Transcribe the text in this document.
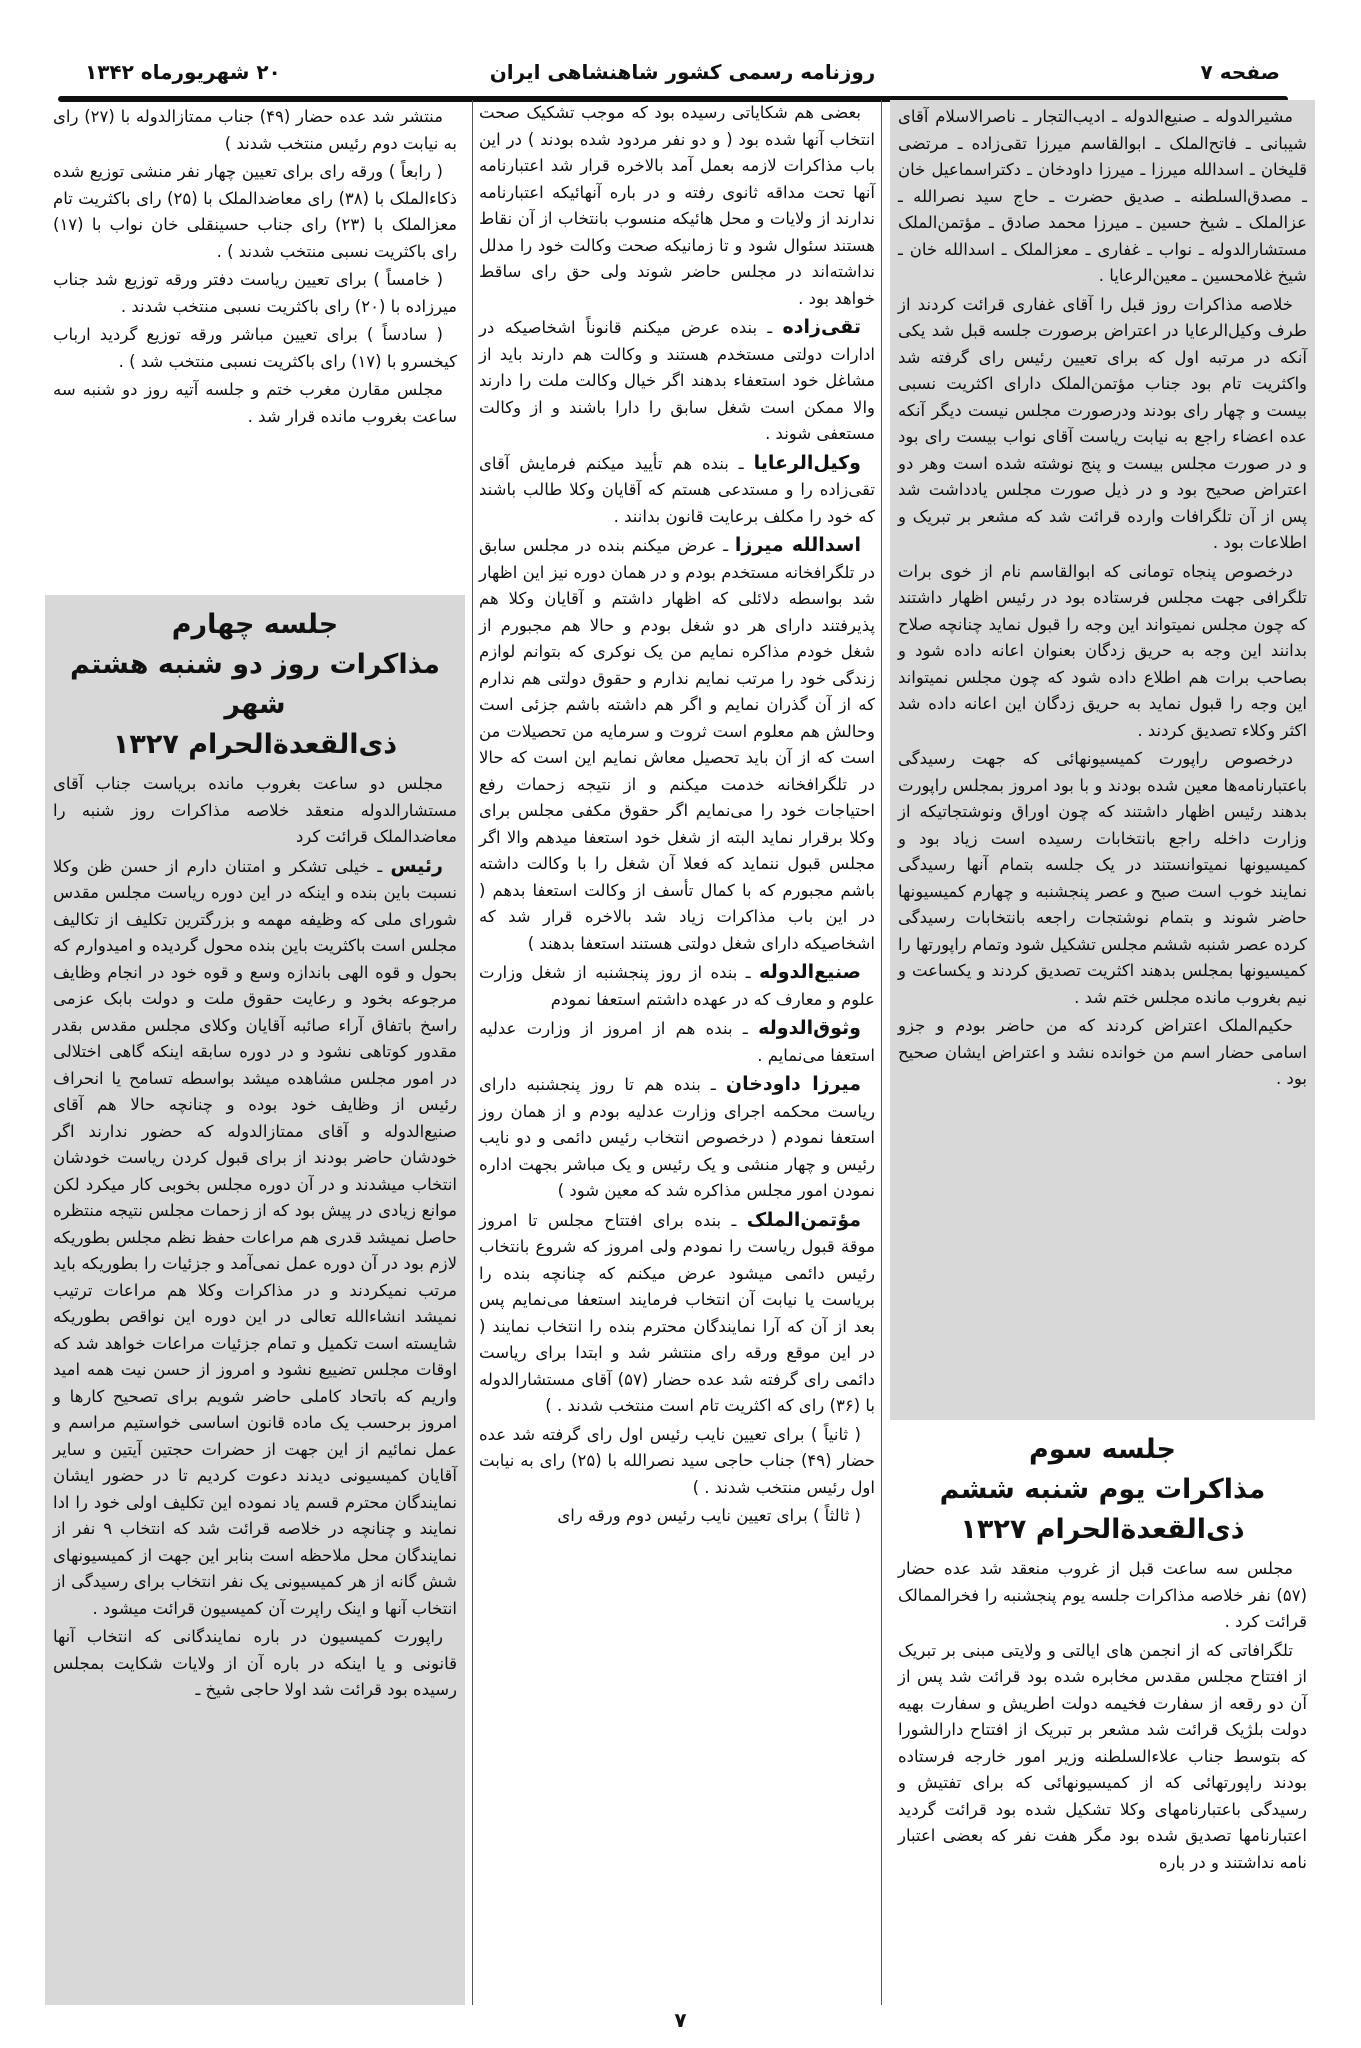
صفحه ۷
روزنامه رسمی کشور شاهنشاهی ایران
۲۰ شهریورماه ۱۳۴۲

مشیرالدوله ـ صنیع‌الدوله ـ ادیب‌التجار ـ ناصرالاسلام آقای شیبانی ـ فاتح‌الملک ـ ابوالقاسم میرزا تقی‌زاده ـ مرتضی قلیخان ـ اسدالله میرزا ـ میرزا داودخان ـ دکتراسماعیل خان ـ مصدق‌السلطنه ـ صدیق حضرت ـ حاج سید نصرالله ـ عزالملک ـ شیخ حسین ـ میرزا محمد صادق ـ مؤتمن‌الملک مستشارالدوله ـ نواب ـ غفاری ـ معزالملک ـ اسدالله خان ـ شیخ غلامحسین ـ معین‌الرعایا .

خلاصه مذاکرات روز قبل را آقای غفاری قرائت کردند از طرف وکیل‌الرعایا در اعتراض برصورت جلسه قبل شد یکی آنکه در مرتبه اول که برای تعیین رئیس رای گرفته شد واکثریت تام بود جناب مؤتمن‌الملک دارای اکثریت نسبی بیست و چهار رای بودند ودرصورت مجلس نیست دیگر آنکه عده اعضاء راجع به نیابت ریاست آقای نواب بیست رای بود و در صورت مجلس بیست و پنج نوشته شده است وهر دو اعتراض صحیح بود و در ذیل صورت مجلس یادداشت شد پس از آن تلگرافات وارده قرائت شد که مشعر بر تبریک و اطلاعات بود .

درخصوص پنجاه تومانی که ابوالقاسم نام از خوی برات تلگرافی جهت مجلس فرستاده بود در رئیس اظهار داشتند که چون مجلس نمیتواند این وجه را قبول نماید چنانچه صلاح بدانند این وجه به حریق زدگان بعنوان اعانه داده شود و بصاحب برات هم اطلاع داده شود که چون مجلس نمیتواند این وجه را قبول نماید به حریق زدگان این اعانه داده شد اکثر وکلاء تصدیق کردند .

درخصوص راپورت کمیسیونهائی که جهت رسیدگی باعتبارنامه‌ها معین شده بودند و با بود امروز بمجلس راپورت بدهند رئیس اظهار داشتند که چون اوراق ونوشتجاتیکه از وزارت داخله راجع بانتخابات رسیده است زیاد بود و کمیسیونها نمیتوانستند در یک جلسه بتمام آنها رسیدگی نمایند خوب است صبح و عصر پنجشنبه و چهارم کمیسیونها حاضر شوند و بتمام نوشتجات راجعه بانتخابات رسیدگی کرده عصر شنبه ششم مجلس تشکیل شود وتمام راپورتها را کمیسیونها بمجلس بدهند اکثریت تصدیق کردند و یکساعت و نیم بغروب مانده مجلس ختم شد .

حکیم‌الملک اعتراض کردند که من حاضر بودم و جزو اسامی حضار اسم من خوانده نشد و اعتراض ایشان صحیح بود .

جلسه سوم
مذاکرات یوم شنبه ششم
ذی‌القعدة‌الحرام ۱۳۲۷

مجلس سه ساعت قبل از غروب منعقد شد عده حضار (۵۷) نفر خلاصه مذاکرات جلسه یوم پنجشنبه را فخرالممالک قرائت کرد .

تلگرافاتی که از انجمن های ایالتی و ولایتی مبنی بر تبریک از افتتاح مجلس مقدس مخابره شده بود قرائت شد پس از آن دو رقعه از سفارت فخیمه دولت اطریش و سفارت بهیه دولت بلژیک قرائت شد مشعر بر تبریک از افتتاح دارالشورا که بتوسط جناب علاءالسلطنه وزیر امور خارجه فرستاده بودند راپورتهائی که از کمیسیونهائی که برای تفتیش و رسیدگی باعتبارنامهای وکلا تشکیل شده بود قرائت گردید اعتبارنامها تصدیق شده بود مگر هفت نفر که بعضی اعتبار نامه نداشتند و در باره

بعضی هم شکایاتی رسیده بود که موجب تشکیک صحت انتخاب آنها شده بود ( و دو نفر مردود شده بودند ) در این باب مذاکرات لازمه بعمل آمد بالاخره قرار شد اعتبارنامه آنها تحت مداقه ثانوی رفته و در باره آنهائیکه اعتبارنامه ندارند از ولایات و محل هائیکه منسوب بانتخاب از آن نقاط هستند سئوال شود و تا زمانیکه صحت وکالت خود را مدلل نداشته‌اند در مجلس حاضر شوند ولی حق رای ساقط خواهد بود .

تقی‌زاده ـ بنده عرض میکنم قانوناً اشخاصیکه در ادارات دولتی مستخدم هستند و وکالت هم دارند باید از مشاغل خود استعفاء بدهند اگر خیال وکالت ملت را دارند والا ممکن است شغل سابق را دارا باشند و از وکالت مستعفی شوند .

وکیل‌الرعایا ـ بنده هم تأیید میکنم فرمایش آقای تقی‌زاده را و مستدعی هستم که آقایان وکلا طالب باشند که خود را مکلف برعایت قانون بدانند .

اسدالله میرزا ـ عرض میکنم بنده در مجلس سابق در تلگرافخانه مستخدم بودم و در همان دوره نیز این اظهار شد بواسطه دلائلی که اظهار داشتم و آقایان وکلا هم پذیرفتند دارای هر دو شغل بودم و حالا هم مجبورم از شغل خودم مذاکره نمایم من یک نوکری که بتوانم لوازم زندگی خود را مرتب نمایم ندارم و حقوق دولتی هم ندارم که از آن گذران نمایم و اگر هم داشته باشم جزئی است وحالش هم معلوم است ثروت و سرمایه من تحصیلات من است که از آن باید تحصیل معاش نمایم این است که حالا در تلگرافخانه خدمت میکنم و از نتیجه زحمات رفع احتیاجات خود را می‌نمایم اگر حقوق مکفی مجلس برای وکلا برقرار نماید البته از شغل خود استعفا میدهم والا اگر مجلس قبول ننماید که فعلا آن شغل را با وکالت داشته باشم مجبورم که با کمال تأسف از وکالت استعفا بدهم ( در این باب مذاکرات زیاد شد بالاخره قرار شد که اشخاصیکه دارای شغل دولتی هستند استعفا بدهند )

صنیع‌الدوله ـ بنده از روز پنجشنبه از شغل وزارت علوم و معارف که در عهده داشتم استعفا نمودم

وثوق‌الدوله ـ بنده هم از امروز از وزارت عدلیه استعفا می‌نمایم .

میرزا داودخان ـ بنده هم تا روز پنجشنبه دارای ریاست محکمه اجرای وزارت عدلیه بودم و از همان روز استعفا نمودم ( درخصوص انتخاب رئیس دائمی و دو نایب رئیس و چهار منشی و یک رئیس و یک مباشر بجهت اداره نمودن امور مجلس مذاکره شد که معین شود )

مؤتمن‌الملک ـ بنده برای افتتاح مجلس تا امروز موقة قبول ریاست را نمودم ولی امروز که شروع بانتخاب رئیس دائمی میشود عرض میکنم که چنانچه بنده را بریاست یا نیابت آن انتخاب فرمایند استعفا می‌نمایم پس بعد از آن که آرا نمایندگان محترم بنده را انتخاب نمایند ( در این موقع ورقه رای منتشر شد و ابتدا برای ریاست دائمی رای گرفته شد عده حضار (۵۷) آقای مستشارالدوله با (۳۶) رای که اکثریت تام است منتخب شدند . )

( ثانیاً ) برای تعیین نایب رئیس اول رای گرفته شد عده حضار (۴۹) جناب حاجی سید نصرالله با (۲۵) رای به نیابت اول رئیس منتخب شدند . )

( ثالثاً ) برای تعیین نایب رئیس دوم ورقه رای

منتشر شد عده حضار (۴۹) جناب ممتازالدوله با (۲۷) رای به نیابت دوم رئیس منتخب شدند )

( رابعاً ) ورقه رای برای تعیین چهار نفر منشی توزیع شده ذکاءالملک با (۳۸) رای معاضدالملک با (۲۵) رای باکثریت تام معزالملک با (۲۳) رای جناب حسینقلی خان نواب با (۱۷) رای باکثریت نسبی منتخب شدند ) .

( خامساً ) برای تعیین ریاست دفتر ورقه توزیع شد جناب میرزاده با (۲۰) رای باکثریت نسبی منتخب شدند .

( سادساً ) برای تعیین مباشر ورقه توزیع گردید ارباب کیخسرو با (۱۷) رای باکثریت نسبی منتخب شد ) .

مجلس مقارن مغرب ختم و جلسه آتیه روز دو شنبه سه ساعت بغروب مانده قرار شد .

جلسه چهارم
مذاکرات روز دو شنبه هشتم شهر
ذی‌القعدة‌الحرام ۱۳۲۷

مجلس دو ساعت بغروب مانده بریاست جناب آقای مستشارالدوله منعقد خلاصه مذاکرات روز شنبه را معاضدالملک قرائت کرد

رئیس ـ خیلی تشکر و امتنان دارم از حسن ظن وکلا نسبت باین بنده و اینکه در این دوره ریاست مجلس مقدس شورای ملی که وظیفه مهمه و بزرگترین تکلیف از تکالیف مجلس است باکثریت باین بنده محول گردیده و امیدوارم که بحول و قوه الهی باندازه وسع و قوه خود در انجام وظایف مرجوعه بخود و رعایت حقوق ملت و دولت بابک عزمی راسخ باتفاق آراء صائبه آقایان وکلای مجلس مقدس بقدر مقدور کوتاهی نشود و در دوره سابقه اینکه گاهی اختلالی در امور مجلس مشاهده میشد بواسطه تسامح یا انحراف رئیس از وظایف خود بوده و چنانچه حالا هم آقای صنیع‌الدوله و آقای ممتازالدوله که حضور ندارند اگر خودشان حاضر بودند از برای قبول کردن ریاست خودشان انتخاب میشدند و در آن دوره مجلس بخوبی کار میکرد لکن موانع زیادی در پیش بود که از زحمات مجلس نتیجه منتظره حاصل نمیشد قدری هم مراعات حفظ نظم مجلس بطوریکه لازم بود در آن دوره عمل نمی‌آمد و جزئیات را بطوریکه باید مرتب نمیکردند و در مذاکرات وکلا هم مراعات ترتیب نمیشد انشاءالله تعالی در این دوره این نواقص بطوریکه شایسته است تکمیل و تمام جزئیات مراعات خواهد شد که اوقات مجلس تضییع نشود و امروز از حسن نیت همه امید واریم که باتحاد کاملی حاضر شویم برای تصحیح کارها و امروز برحسب یک ماده قانون اساسی خواستیم مراسم و عمل نمائیم از این جهت از حضرات حجتین آیتین و سایر آقایان کمیسیونی دیدند دعوت کردیم تا در حضور ایشان نمایندگان محترم قسم یاد نموده این تکلیف اولی خود را ادا نمایند و چنانچه در خلاصه قرائت شد که انتخاب ۹ نفر از نمایندگان محل ملاحظه است بنابر این جهت از کمیسیونهای شش گانه از هر کمیسیونی یک نفر انتخاب برای رسیدگی از انتخاب آنها و اینک راپرت آن کمیسیون قرائت میشود .

راپورت کمیسیون در باره نمایندگانی که انتخاب آنها قانونی و یا اینکه در باره آن از ولایات شکایت بمجلس رسیده بود قرائت شد اولا حاجی شیخ ـ

۷
